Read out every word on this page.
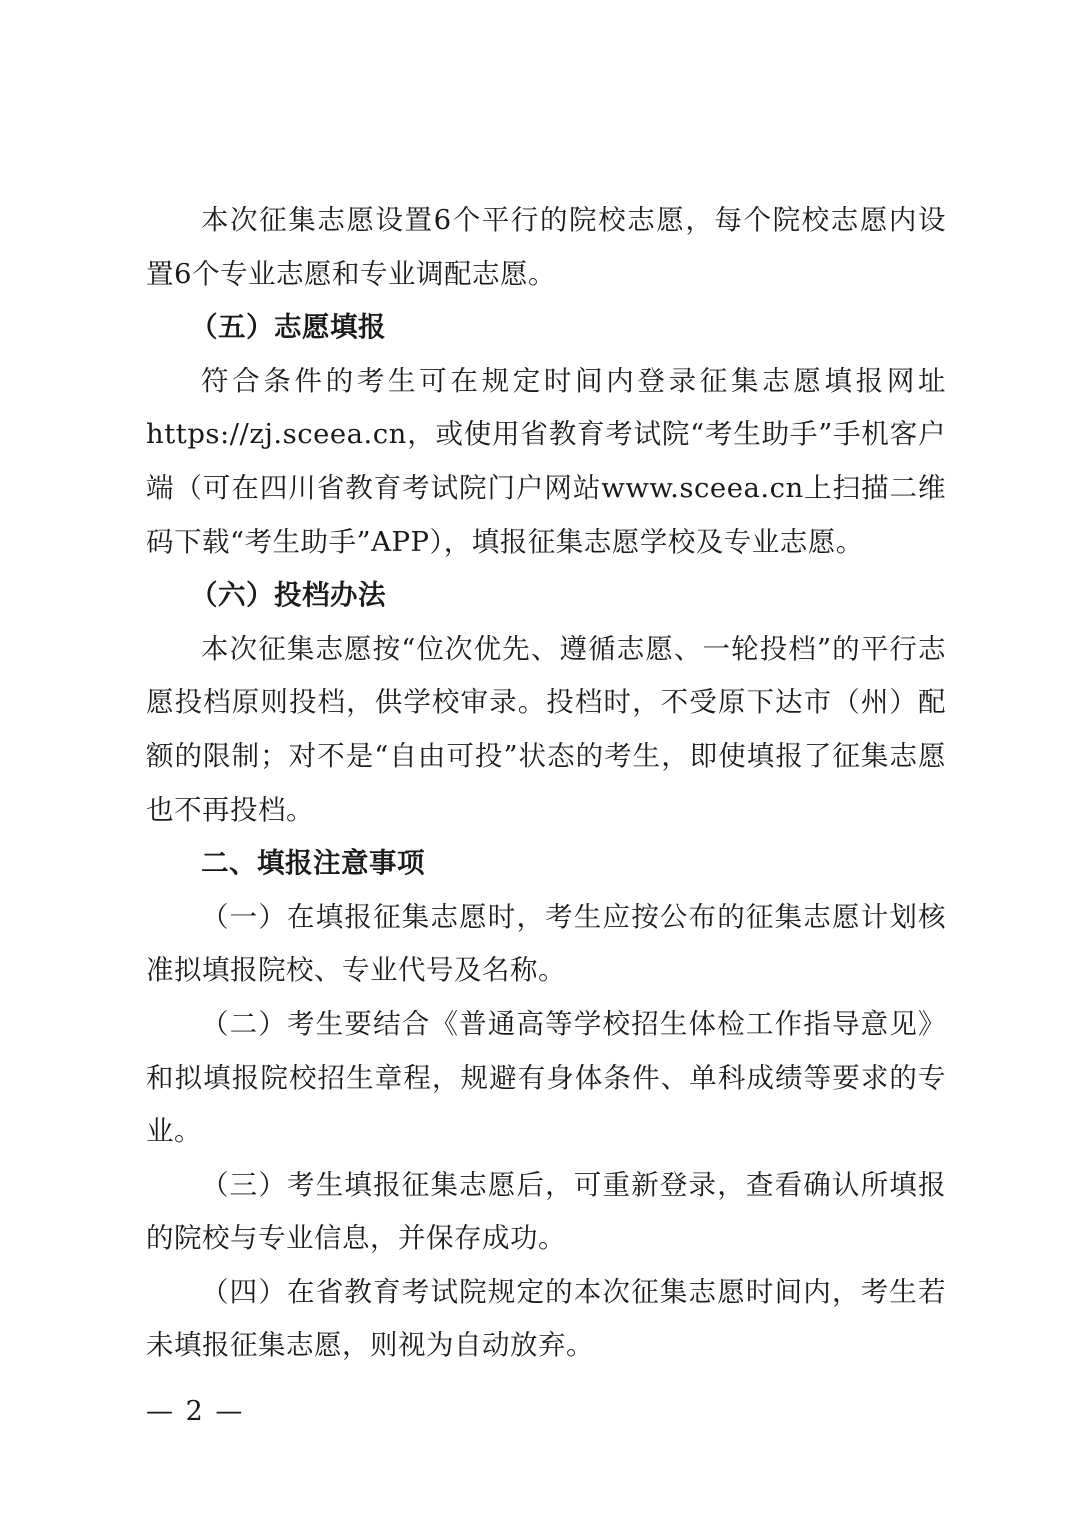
本次征集志愿设置6个平行的院校志愿，每个院校志愿内设置6个专业志愿和专业调配志愿。

（五）志愿填报

符合条件的考生可在规定时间内登录征集志愿填报网址https://zj.sceea.cn，或使用省教育考试院“考生助手”手机客户端（可在四川省教育考试院门户网站www.sceea.cn上扫描二维码下载“考生助手”APP），填报征集志愿学校及专业志愿。

（六）投档办法

本次征集志愿按“位次优先、遵循志愿、一轮投档”的平行志愿投档原则投档，供学校审录。投档时，不受原下达市（州）配额的限制；对不是“自由可投”状态的考生，即使填报了征集志愿也不再投档。

二、填报注意事项

（一）在填报征集志愿时，考生应按公布的征集志愿计划核准拟填报院校、专业代号及名称。

（二）考生要结合《普通高等学校招生体检工作指导意见》和拟填报院校招生章程，规避有身体条件、单科成绩等要求的专业。

（三）考生填报征集志愿后，可重新登录，查看确认所填报的院校与专业信息，并保存成功。

（四）在省教育考试院规定的本次征集志愿时间内，考生若未填报征集志愿，则视为自动放弃。

— 2 —
